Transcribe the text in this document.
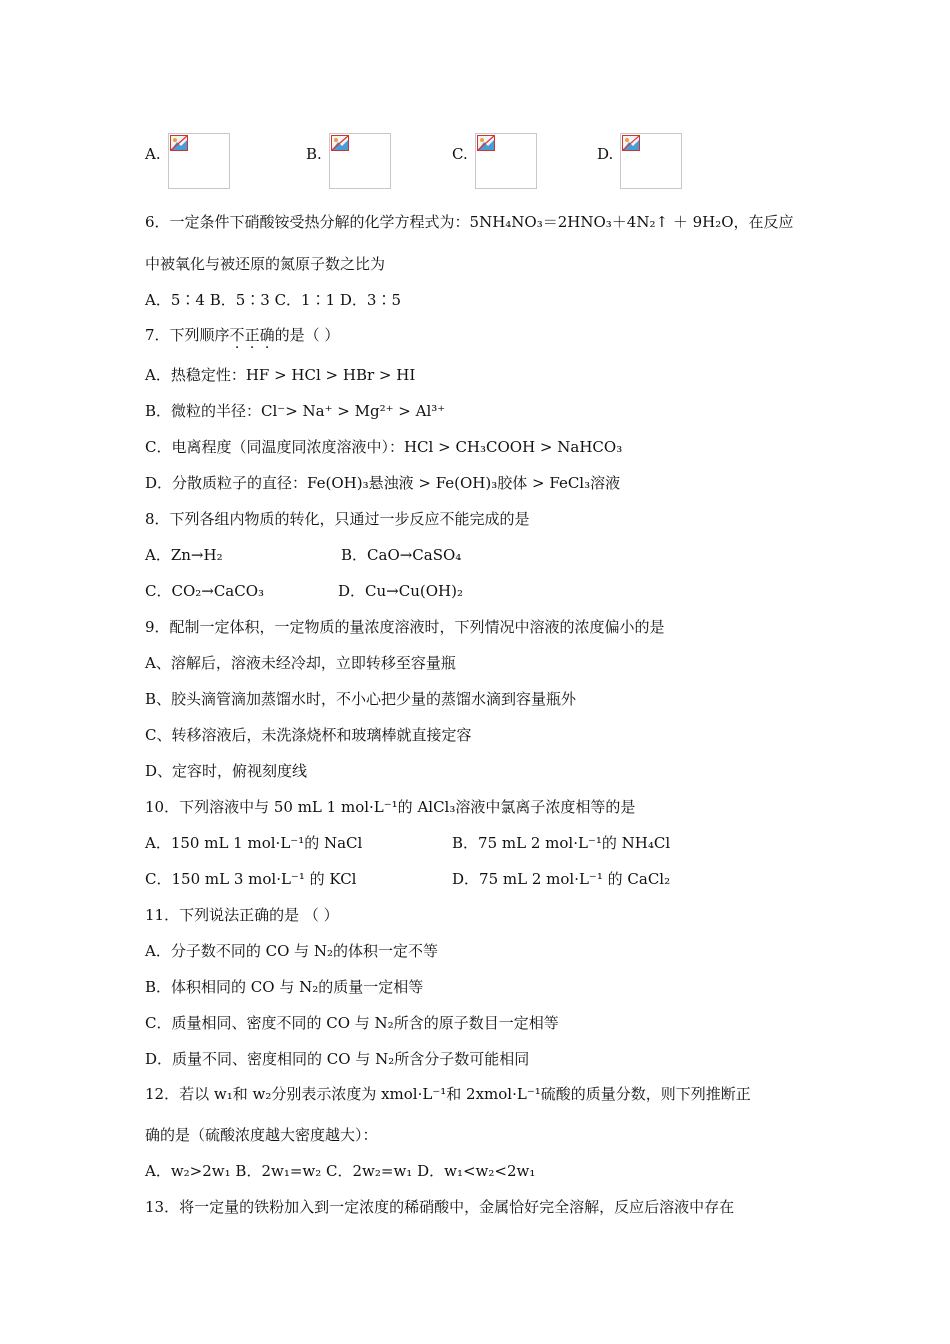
A.	B.	C.	D.
6．一定条件下硝酸铵受热分解的化学方程式为：5NH₄NO₃＝2HNO₃＋4N₂↑ ＋ 9H₂O，在反应
中被氧化与被还原的氮原子数之比为
A．5∶4 B．5∶3 C．1∶1 D．3∶5
7．下列顺序不正确的是（ ）
A．热稳定性：HF > HCl > HBr > HI
B．微粒的半径：Cl⁻> Na⁺ > Mg²⁺ > Al³⁺
C．电离程度（同温度同浓度溶液中）：HCl > CH₃COOH > NaHCO₃
D．分散质粒子的直径：Fe(OH)₃悬浊液 > Fe(OH)₃胶体 > FeCl₃溶液
8．下列各组内物质的转化，只通过一步反应不能完成的是
A．Zn→H₂	B．CaO→CaSO₄
C．CO₂→CaCO₃	D．Cu→Cu(OH)₂
9．配制一定体积，一定物质的量浓度溶液时，下列情况中溶液的浓度偏小的是
A、溶解后，溶液未经冷却，立即转移至容量瓶
B、胶头滴管滴加蒸馏水时，不小心把少量的蒸馏水滴到容量瓶外
C、转移溶液后，未洗涤烧杯和玻璃棒就直接定容
D、定容时，俯视刻度线
10．下列溶液中与 50 mL 1 mol·L⁻¹的 AlCl₃溶液中氯离子浓度相等的是
A．150 mL 1 mol·L⁻¹的 NaCl	B．75 mL 2 mol·L⁻¹的 NH₄Cl
C．150 mL 3 mol·L⁻¹ 的 KCl	D．75 mL 2 mol·L⁻¹ 的 CaCl₂
11．下列说法正确的是 （ ）
A．分子数不同的 CO 与 N₂的体积一定不等
B．体积相同的 CO 与 N₂的质量一定相等
C．质量相同、密度不同的 CO 与 N₂所含的原子数目一定相等
D．质量不同、密度相同的 CO 与 N₂所含分子数可能相同
12．若以 w₁和 w₂分别表示浓度为 xmol·L⁻¹和 2xmol·L⁻¹硫酸的质量分数，则下列推断正
确的是（硫酸浓度越大密度越大）：
A．w₂>2w₁ B．2w₁=w₂ C．2w₂=w₁ D．w₁<w₂<2w₁
13．将一定量的铁粉加入到一定浓度的稀硝酸中，金属恰好完全溶解，反应后溶液中存在
